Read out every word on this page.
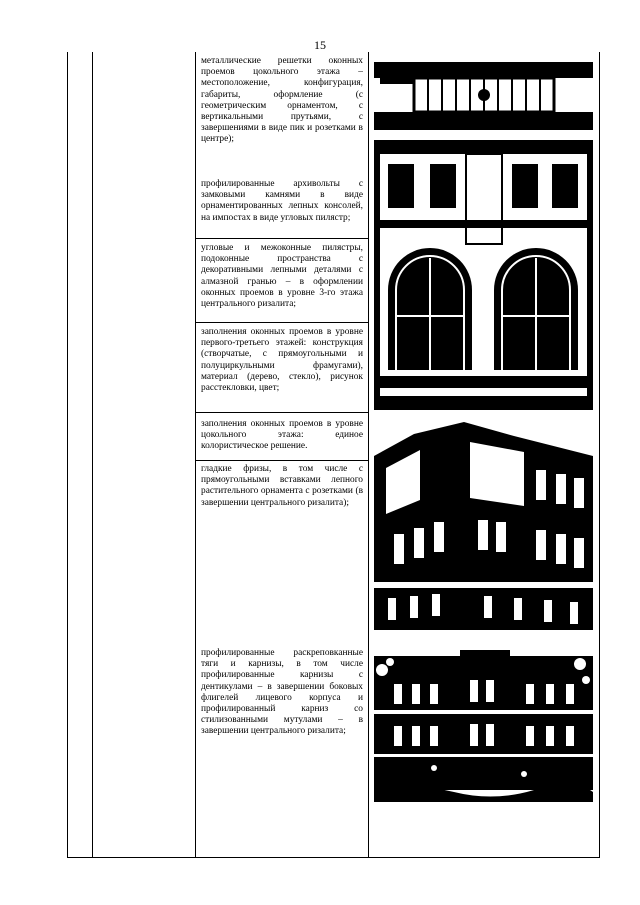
15
металлические решетки оконных проемов цокольного этажа – местоположение, конфигурация, габариты, оформление (с геометрическим орнаментом, с вертикальными прутьями, с завершениями в виде пик и розетками в центре);
профилированные архивольты с замковыми камнями в виде орнаментированных лепных консолей, на импостах в виде угловых пилястр;
угловые и межоконные пилястры, подоконные пространства с декоративными лепными деталями с алмазной гранью – в оформлении оконных проемов в уровне 3-го этажа центрального ризалита;
заполнения оконных проемов в уровне первого-третьего этажей: конструкция (створчатые, с прямоугольными и полуциркульными фрамугами), материал (дерево, стекло), рисунок расстекловки, цвет;
заполнения оконных проемов в уровне цокольного этажа: единое колористическое решение.
гладкие фризы, в том числе с прямоугольными вставками лепного растительного орнамента с розетками (в завершении центрального ризалита);
профилированные раскреповканные тяги и карнизы, в том числе профилированные карнизы с дентикулами – в завершении боковых флигелей лицевого корпуса и профилированный карниз со стилизованными мутулами – в завершении центрального ризалита;
